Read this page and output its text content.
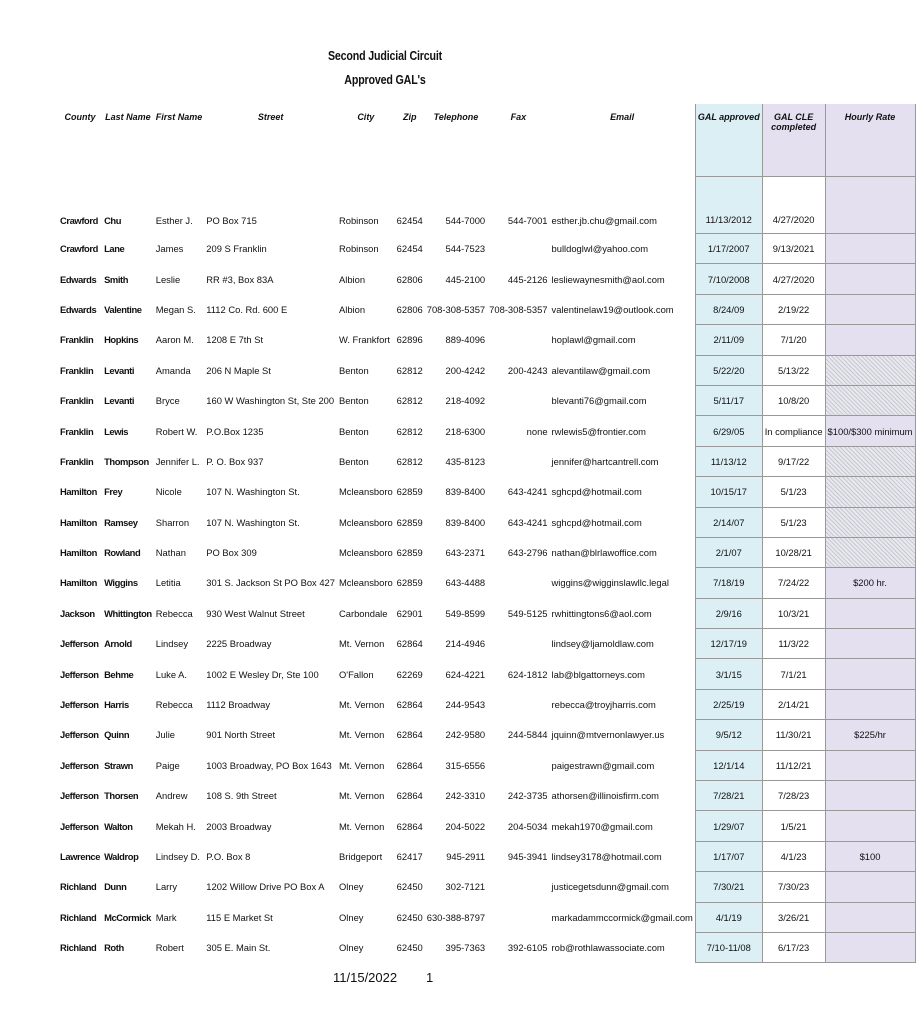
Second Judicial Circuit
Approved GAL's
County	Last Name	First Name	Street	City	Zip	Telephone	Fax	Email	GAL approved	GAL CLE
completed	Hourly Rate
Crawford	Chu	Esther J.	PO Box 715	Robinson	62454	544-7000	544-7001	esther.jb.chu@gmail.com	11/13/2012	4/27/2020	
Crawford	Lane	James	209 S Franklin	Robinson	62454	544-7523		bulldoglwl@yahoo.com	1/17/2007	9/13/2021	
Edwards	Smith	Leslie	RR #3, Box 83A	Albion	62806	445-2100	445-2126	lesliewaynesmith@aol.com	7/10/2008	4/27/2020	
Edwards	Valentine	Megan S.	1112 Co. Rd. 600 E	Albion	62806	708-308-5357	708-308-5357	valentinelaw19@outlook.com	8/24/09	2/19/22	
Franklin	Hopkins	Aaron M.	1208 E 7th St	W. Frankfort	62896	889-4096		hoplawl@gmail.com	2/11/09	7/1/20	
Franklin	Levanti	Amanda	206 N Maple St	Benton	62812	200-4242	200-4243	alevantilaw@gmail.com	5/22/20	5/13/22	
Franklin	Levanti	Bryce	160 W Washington St, Ste 200	Benton	62812	218-4092		blevanti76@gmail.com	5/11/17	10/8/20	
Franklin	Lewis	Robert W.	P.O.Box 1235	Benton	62812	218-6300	none	rwlewis5@frontier.com	6/29/05	In compliance	$100/$300 minimum
Franklin	Thompson	Jennifer L.	P. O. Box 937	Benton	62812	435-8123		jennifer@hartcantrell.com	11/13/12	9/17/22	
Hamilton	Frey	Nicole	107 N. Washington St.	Mcleansboro	62859	839-8400	643-4241	sghcpd@hotmail.com	10/15/17	5/1/23	
Hamilton	Ramsey	Sharron	107 N. Washington St.	Mcleansboro	62859	839-8400	643-4241	sghcpd@hotmail.com	2/14/07	5/1/23	
Hamilton	Rowland	Nathan	PO Box 309	Mcleansboro	62859	643-2371	643-2796	nathan@blrlawoffice.com	2/1/07	10/28/21	
Hamilton	Wiggins	Letitia	301 S. Jackson St PO Box 427	Mcleansboro	62859	643-4488		wiggins@wigginslawllc.legal	7/18/19	7/24/22	$200 hr.
Jackson	Whittington	Rebecca	930 West Walnut Street	Carbondale	62901	549-8599	549-5125	rwhittingtons6@aol.com	2/9/16	10/3/21	
Jefferson	Arnold	Lindsey	2225 Broadway	Mt. Vernon	62864	214-4946		lindsey@ljamoldlaw.com	12/17/19	11/3/22	
Jefferson	Behme	Luke A.	1002 E Wesley Dr, Ste 100	O'Fallon	62269	624-4221	624-1812	lab@blgattorneys.com	3/1/15	7/1/21	
Jefferson	Harris	Rebecca	1112 Broadway	Mt. Vernon	62864	244-9543		rebecca@troyjharris.com	2/25/19	2/14/21	
Jefferson	Quinn	Julie	901 North Street	Mt. Vernon	62864	242-9580	244-5844	jquinn@mtvernonlawyer.us	9/5/12	11/30/21	$225/hr
Jefferson	Strawn	Paige	1003 Broadway, PO Box 1643	Mt. Vernon	62864	315-6556		paigestrawn@gmail.com	12/1/14	11/12/21	
Jefferson	Thorsen	Andrew	108 S. 9th Street	Mt. Vernon	62864	242-3310	242-3735	athorsen@illinoisfirm.com	7/28/21	7/28/23	
Jefferson	Walton	Mekah H.	2003 Broadway	Mt. Vernon	62864	204-5022	204-5034	mekah1970@gmail.com	1/29/07	1/5/21	
Lawrence	Waldrop	Lindsey D.	P.O. Box 8	Bridgeport	62417	945-2911	945-3941	lindsey3178@hotmail.com	1/17/07	4/1/23	$100
Richland	Dunn	Larry	1202 Willow Drive PO Box A	Olney	62450	302-7121		justicegetsdunn@gmail.com	7/30/21	7/30/23	
Richland	McCormick	Mark	115 E Market St	Olney	62450	630-388-8797		markadammccormick@gmail.com	4/1/19	3/26/21	
Richland	Roth	Robert	305 E. Main St.	Olney	62450	395-7363	392-6105	rob@rothlawassociate.com	7/10-11/08	6/17/23	
11/15/2022 1
